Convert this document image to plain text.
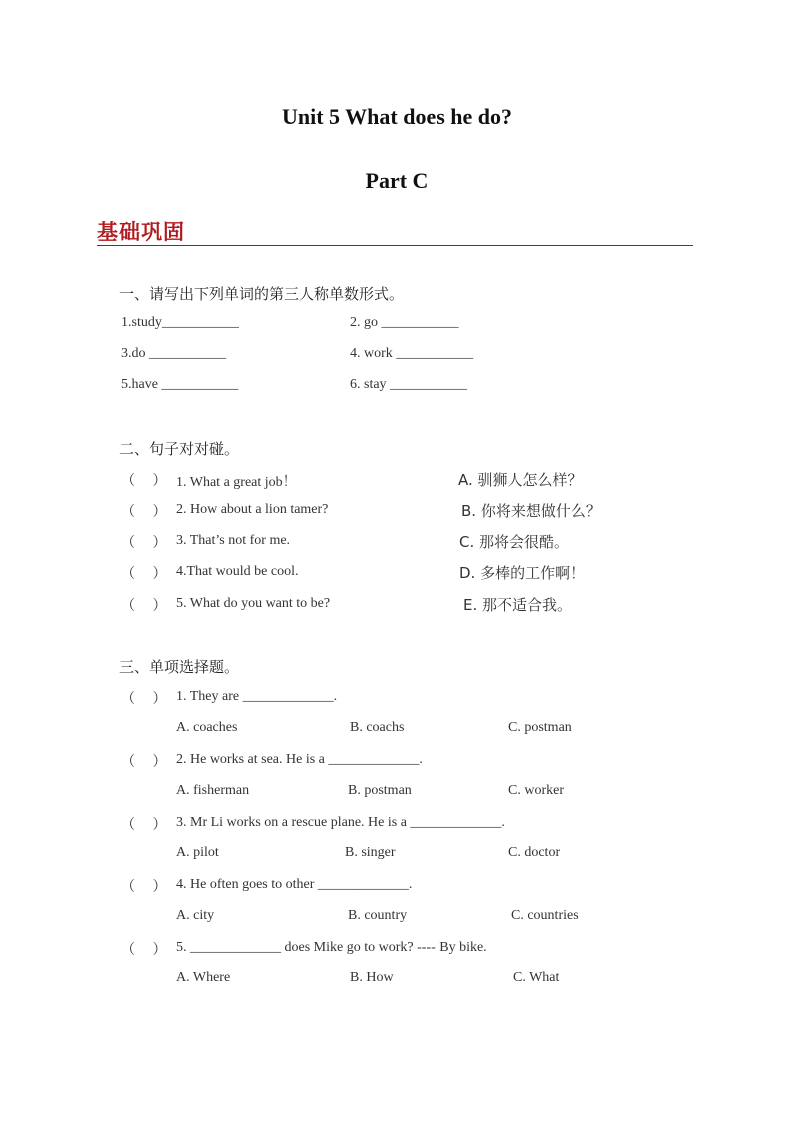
Unit 5 What does he do?
Part C
基础巩固
一、请写出下列单词的第三人称单数形式。
1.study___________	2. go ___________
3.do ___________	4. work ___________
5.have ___________	6. stay ___________
二、句子对对碰。
（　 ） 1. What a great job！	A. 驯狮人怎么样？
（　 ） 2. How about a lion tamer?	B. 你将来想做什么？
（　 ） 3. That’s not for me.	C. 那将会很酷。
（　 ） 4.That would be cool.	D. 多棒的工作啊！
（　 ） 5. What do you want to be?	E. 那不适合我。
三、单项选择题。
（　 ） 1. They are _____________.
A. coaches	B. coachs	C. postman
（　 ） 2. He works at sea. He is a _____________.
A. fisherman	B. postman	C. worker
（　 ） 3. Mr Li works on a rescue plane. He is a _____________.
A. pilot	B. singer	C. doctor
（　 ） 4. He often goes to other _____________.
A. city	B. country	C. countries
（　 ） 5. _____________ does Mike go to work? ---- By bike.
A. Where	B. How	C. What
